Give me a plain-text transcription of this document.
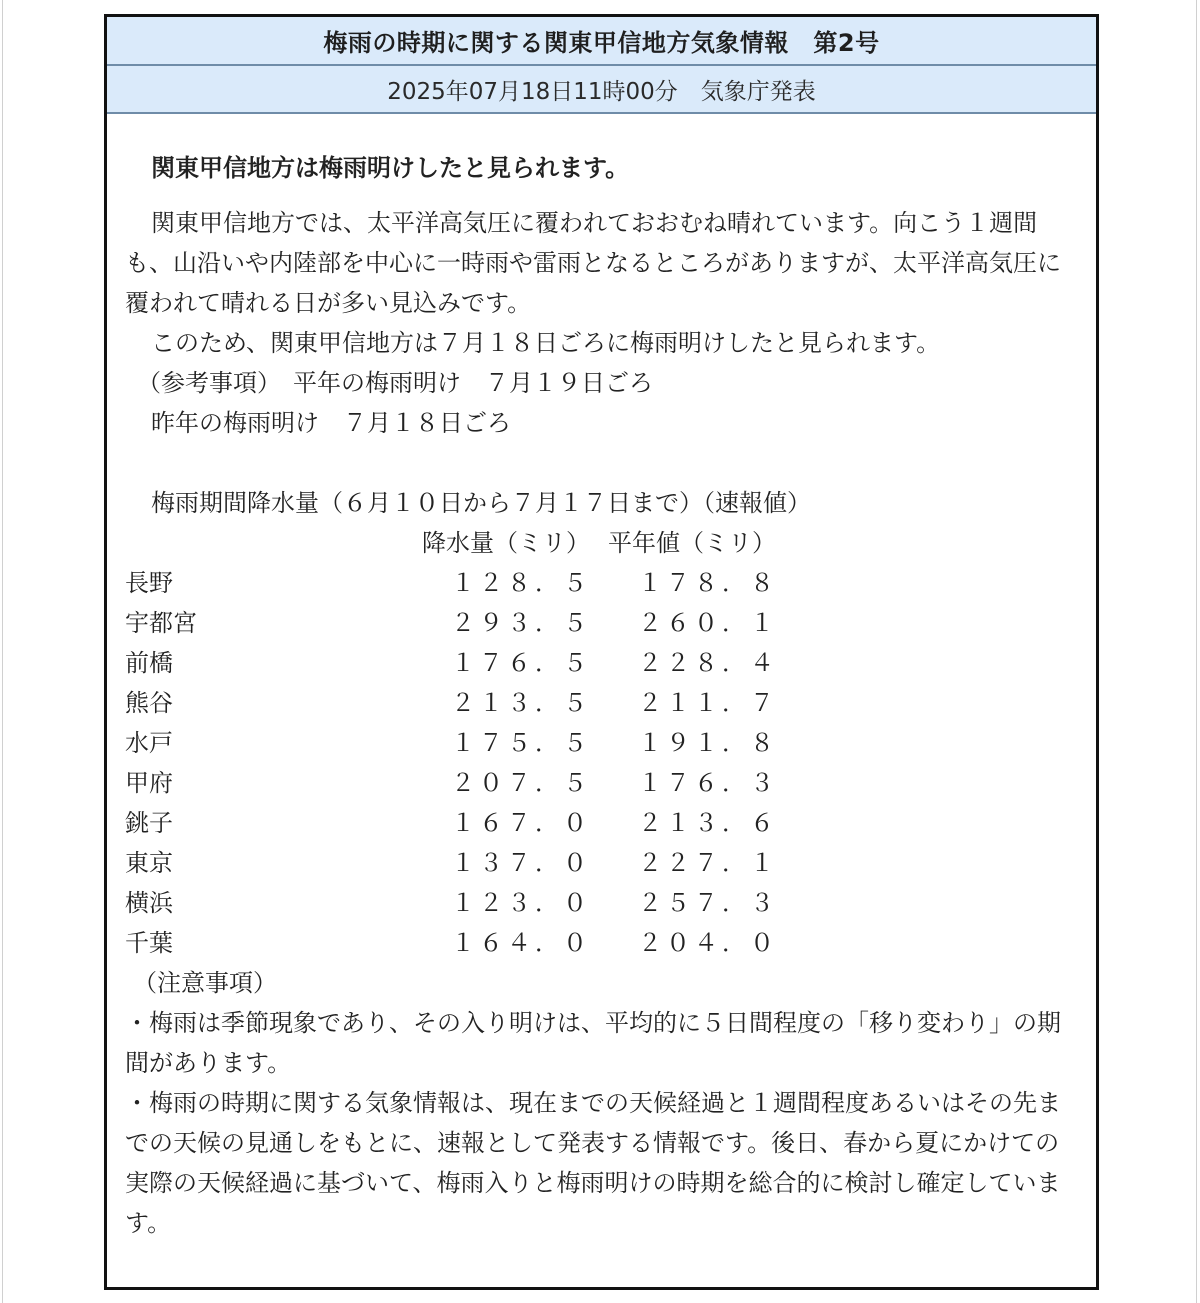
梅雨の時期に関する関東甲信地方気象情報　第2号
2025年07月18日11時00分　気象庁発表
関東甲信地方は梅雨明けしたと見られます。

関東甲信地方では、太平洋高気圧に覆われておおむね晴れています。向こう１週間も、山沿いや内陸部を中心に一時雨や雷雨となるところがありますが、太平洋高気圧に覆われて晴れる日が多い見込みです。

このため、関東甲信地方は７月１８日ごろに梅雨明けしたと見られます。

（参考事項）　平年の梅雨明け　７月１９日ごろ

昨年の梅雨明け　７月１８日ごろ

梅雨期間降水量（６月１０日から７月１７日まで）（速報値）

降水量（ミリ） 平年値（ミリ）
長野	１２８．５ １７８．８
宇都宮	２９３．５ ２６０．１
前橋	１７６．５ ２２８．４
熊谷	２１３．５ ２１１．７
水戸	１７５．５ １９１．８
甲府	２０７．５ １７６．３
銚子	１６７．０ ２１３．６
東京	１３７．０ ２２７．１
横浜	１２３．０ ２５７．３
千葉	１６４．０ ２０４．０

（注意事項）

・梅雨は季節現象であり、その入り明けは、平均的に５日間程度の「移り変わり」の期間があります。

・梅雨の時期に関する気象情報は、現在までの天候経過と１週間程度あるいはその先までの天候の見通しをもとに、速報として発表する情報です。後日、春から夏にかけての実際の天候経過に基づいて、梅雨入りと梅雨明けの時期を総合的に検討し確定しています。
